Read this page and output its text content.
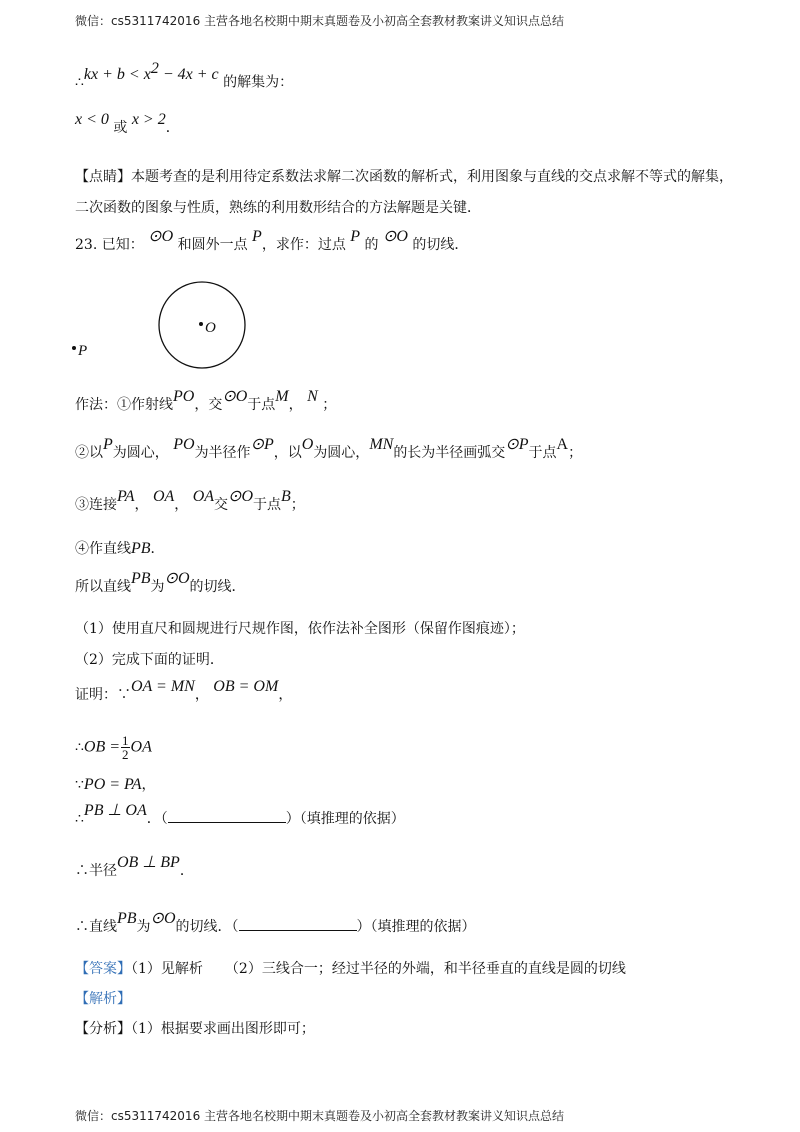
微信：cs5311742016 主营各地名校期中期末真题卷及小初高全套教材教案讲义知识点总结
∴kx + $b < x^2 - 4x + c$ 的解集为：
x < 0 或 x > 2．
【点睛】本题考查的是利用待定系数法求解二次函数的解析式，利用图象与直线的交点求解不等式的解集，
二次函数的图象与性质，熟练的利用数形结合的方法解题是关键．
23. 已知： ⊙O 和圆外一点 P，求作：过点 P 的 ⊙O 的切线．
O
P
作法：①作射线PO，交⊙O于点M， N ；
②以P为圆心， PO为半径作⊙P，以O为圆心，MN的长为半径画弧交⊙P于点A；
③连接PA， OA， OA交⊙O于点B；
④作直线PB．
所以直线PB为⊙O的切线．
（1）使用直尺和圆规进行尺规作图，依作法补全图形（保留作图痕迹）；
（2）完成下面的证明．
证明：∵OA = MN， OB = OM，
∴OB = $\frac{1}{2}$ OA
∵PO = PA，
∴PB ⊥ OA．（	）（填推理的依据）
∴半径OB ⊥ BP．
∴直线PB为⊙O的切线．（	）（填推理的依据）
【答案】（1）见解析 （2）三线合一；经过半径的外端，和半径垂直的直线是圆的切线
【解析】
【分析】（1）根据要求画出图形即可；
微信：cs5311742016 主营各地名校期中期末真题卷及小初高全套教材教案讲义知识点总结
